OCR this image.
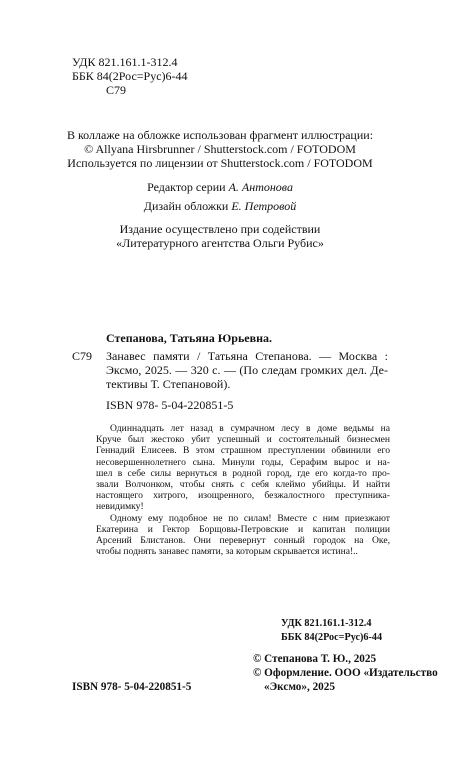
УДК 821.161.1-312.4
ББК 84(2Рос=Рус)6-44
С79
В коллаже на обложке использован фрагмент иллюстрации:
© Allyana Hirsbrunner / Shutterstock.com / FOTODOM
Используется по лицензии от Shutterstock.com / FOTODOM
Редактор серии А. Антонова
Дизайн обложки Е. Петровой
Издание осуществлено при содействии
«Литературного агентства Ольги Рубис»
Степанова, Татьяна Юрьевна.
С79 Занавес памяти / Татьяна Степанова. — Москва :
Эксмо, 2025. — 320 с. — (По следам громких дел. Де-
тективы Т. Степановой).
ISBN 978- 5-04-220851-5
Одиннадцать лет назад в сумрачном лесу в доме ведьмы на
Круче был жестоко убит успешный и состоятельный бизнесмен
Геннадий Елисеев. В этом страшном преступлении обвинили его
несовершеннолетнего сына. Минули годы, Серафим вырос и на-
шел в себе силы вернуться в родной город, где его когда-то про-
звали Волчонком, чтобы снять с себя клеймо убийцы. И найти
настоящего хитрого, изощренного, безжалостного преступника-
невидимку!
Одному ему подобное не по силам! Вместе с ним приезжают
Екатерина и Гектор Борщовы-Петровские и капитан полиции
Арсений Блистанов. Они перевернут сонный городок на Оке,
чтобы поднять занавес памяти, за которым скрывается истина!..
УДК 821.161.1-312.4
ББК 84(2Рос=Рус)6-44
ISBN 978- 5-04-220851-5
© Степанова Т. Ю., 2025
© Оформление. ООО «Издательство
«Эксмо», 2025
